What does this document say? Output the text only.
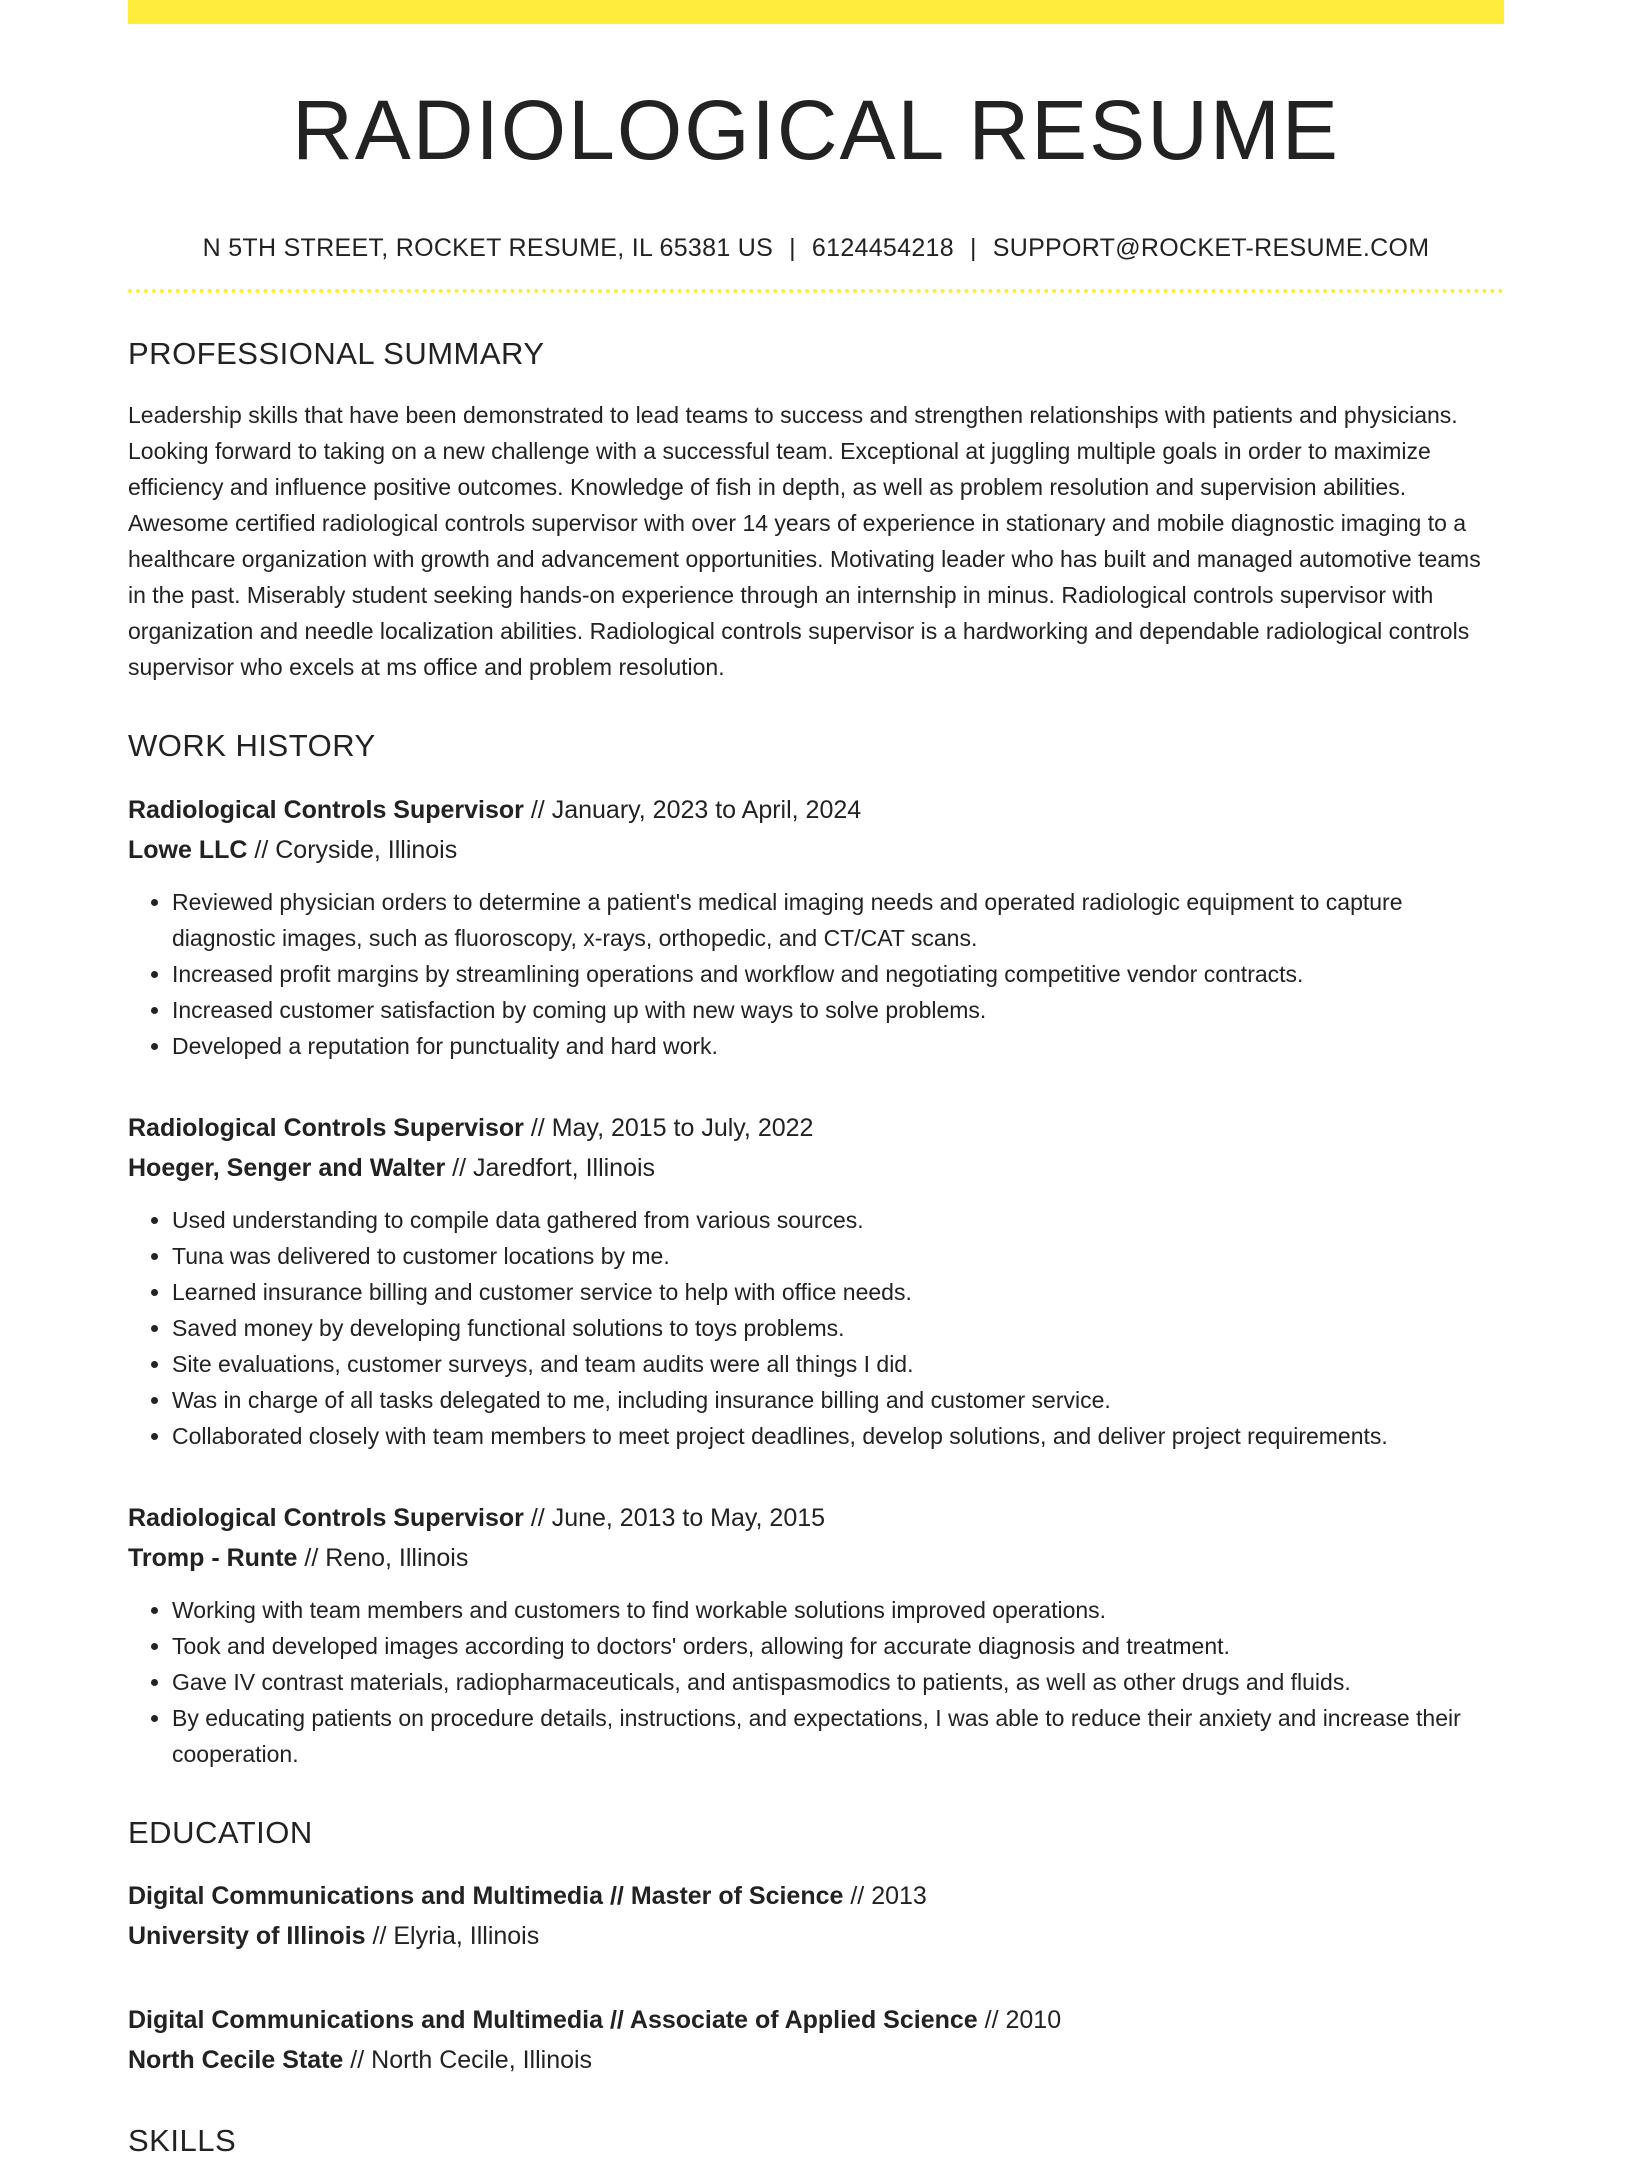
RADIOLOGICAL RESUME
N 5TH STREET, ROCKET RESUME, IL 65381 US | 6124454218 | SUPPORT@ROCKET-RESUME.COM
PROFESSIONAL SUMMARY

Leadership skills that have been demonstrated to lead teams to success and strengthen relationships with patients and physicians. Looking forward to taking on a new challenge with a successful team. Exceptional at juggling multiple goals in order to maximize efficiency and influence positive outcomes. Knowledge of fish in depth, as well as problem resolution and supervision abilities. Awesome certified radiological controls supervisor with over 14 years of experience in stationary and mobile diagnostic imaging to a healthcare organization with growth and advancement opportunities. Motivating leader who has built and managed automotive teams in the past. Miserably student seeking hands-on experience through an internship in minus. Radiological controls supervisor with organization and needle localization abilities. Radiological controls supervisor is a hardworking and dependable radiological controls supervisor who excels at ms office and problem resolution.

WORK HISTORY
Radiological Controls Supervisor // January, 2023 to April, 2024
Lowe LLC // Coryside, Illinois
• Reviewed physician orders to determine a patient's medical imaging needs and operated radiologic equipment to capture diagnostic images, such as fluoroscopy, x-rays, orthopedic, and CT/CAT scans.
• Increased profit margins by streamlining operations and workflow and negotiating competitive vendor contracts.
• Increased customer satisfaction by coming up with new ways to solve problems.
• Developed a reputation for punctuality and hard work.
Radiological Controls Supervisor // May, 2015 to July, 2022
Hoeger, Senger and Walter // Jaredfort, Illinois
• Used understanding to compile data gathered from various sources.
• Tuna was delivered to customer locations by me.
• Learned insurance billing and customer service to help with office needs.
• Saved money by developing functional solutions to toys problems.
• Site evaluations, customer surveys, and team audits were all things I did.
• Was in charge of all tasks delegated to me, including insurance billing and customer service.
• Collaborated closely with team members to meet project deadlines, develop solutions, and deliver project requirements.
Radiological Controls Supervisor // June, 2013 to May, 2015
Tromp - Runte // Reno, Illinois
• Working with team members and customers to find workable solutions improved operations.
• Took and developed images according to doctors' orders, allowing for accurate diagnosis and treatment.
• Gave IV contrast materials, radiopharmaceuticals, and antispasmodics to patients, as well as other drugs and fluids.
• By educating patients on procedure details, instructions, and expectations, I was able to reduce their anxiety and increase their cooperation.
EDUCATION
Digital Communications and Multimedia // Master of Science // 2013
University of Illinois // Elyria, Illinois
Digital Communications and Multimedia // Associate of Applied Science // 2010
North Cecile State // North Cecile, Illinois
SKILLS
